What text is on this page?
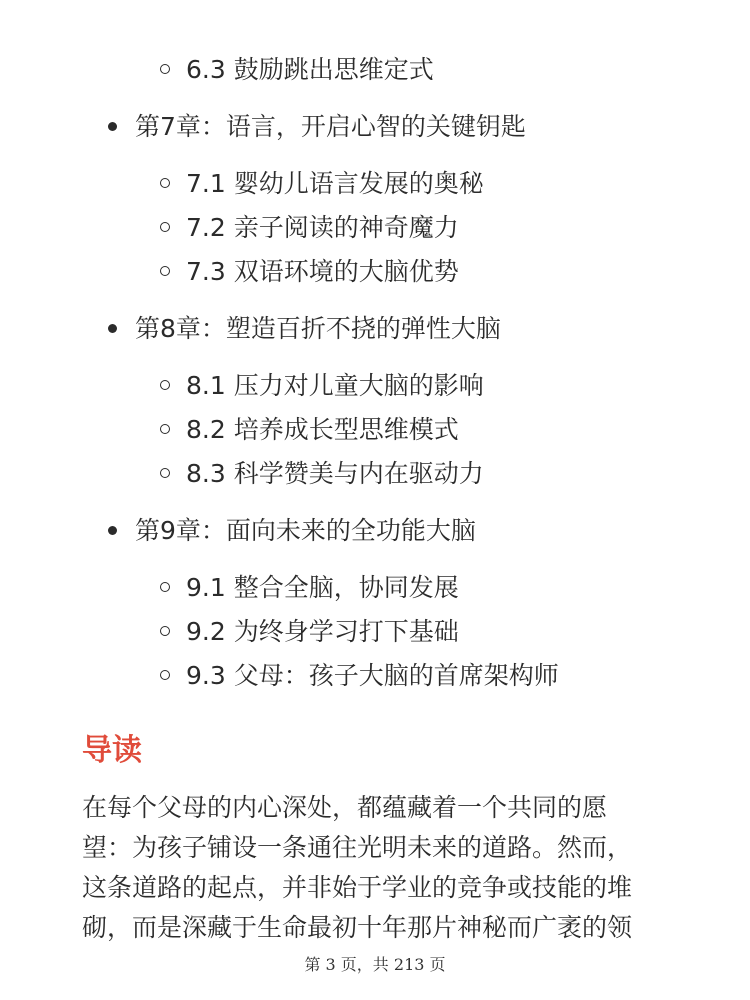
6.3 鼓励跳出思维定式
第7章：语言，开启心智的关键钥匙
7.1 婴幼儿语言发展的奥秘
7.2 亲子阅读的神奇魔力
7.3 双语环境的大脑优势
第8章：塑造百折不挠的弹性大脑
8.1 压力对儿童大脑的影响
8.2 培养成长型思维模式
8.3 科学赞美与内在驱动力
第9章：面向未来的全功能大脑
9.1 整合全脑，协同发展
9.2 为终身学习打下基础
9.3 父母：孩子大脑的首席架构师
导读
在每个父母的内心深处，都蕴藏着一个共同的愿
望：为孩子铺设一条通往光明未来的道路。然而，
这条道路的起点，并非始于学业的竞争或技能的堆
砌，而是深藏于生命最初十年那片神秘而广袤的领
第 3 页，共 213 页
